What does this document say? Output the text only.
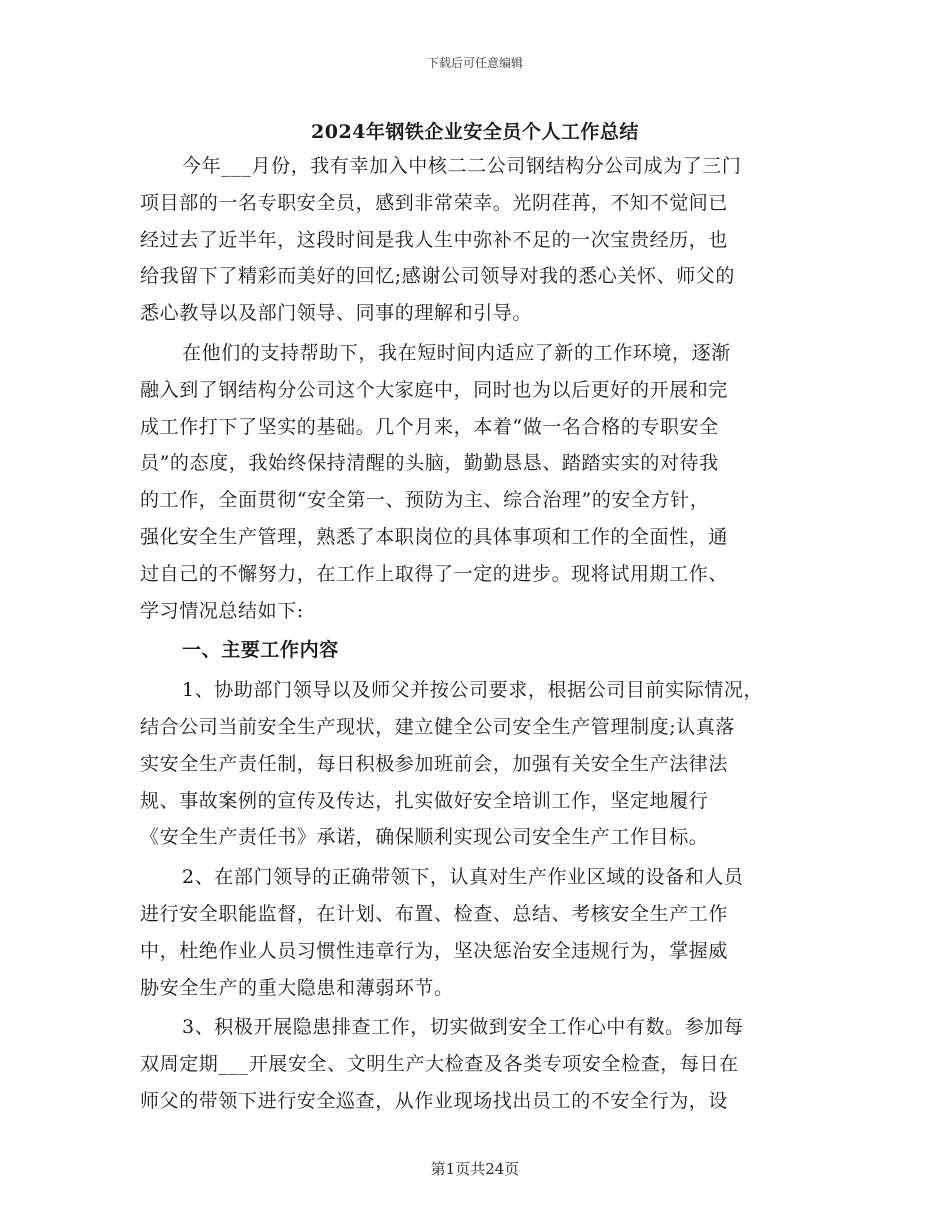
下载后可任意编辑
2024年钢铁企业安全员个人工作总结
今年___月份，我有幸加入中核二二公司钢结构分公司成为了三门
项目部的一名专职安全员，感到非常荣幸。光阴荏苒，不知不觉间已
经过去了近半年，这段时间是我人生中弥补不足的一次宝贵经历，也
给我留下了精彩而美好的回忆;感谢公司领导对我的悉心关怀、师父的
悉心教导以及部门领导、同事的理解和引导。
在他们的支持帮助下，我在短时间内适应了新的工作环境，逐渐
融入到了钢结构分公司这个大家庭中，同时也为以后更好的开展和完
成工作打下了坚实的基础。几个月来，本着“做一名合格的专职安全
员”的态度，我始终保持清醒的头脑，勤勤恳恳、踏踏实实的对待我
的工作，全面贯彻“安全第一、预防为主、综合治理”的安全方针，
强化安全生产管理，熟悉了本职岗位的具体事项和工作的全面性，通
过自己的不懈努力，在工作上取得了一定的进步。现将试用期工作、
学习情况总结如下:
一、主要工作内容
1、协助部门领导以及师父并按公司要求，根据公司目前实际情况，
结合公司当前安全生产现状，建立健全公司安全生产管理制度;认真落
实安全生产责任制，每日积极参加班前会，加强有关安全生产法律法
规、事故案例的宣传及传达，扎实做好安全培训工作，坚定地履行
《安全生产责任书》承诺，确保顺利实现公司安全生产工作目标。
2、在部门领导的正确带领下，认真对生产作业区域的设备和人员
进行安全职能监督，在计划、布置、检查、总结、考核安全生产工作
中，杜绝作业人员习惯性违章行为，坚决惩治安全违规行为，掌握威
胁安全生产的重大隐患和薄弱环节。
3、积极开展隐患排查工作，切实做到安全工作心中有数。参加每
双周定期___开展安全、文明生产大检查及各类专项安全检查，每日在
师父的带领下进行安全巡查，从作业现场找出员工的不安全行为，设
第1页共24页
